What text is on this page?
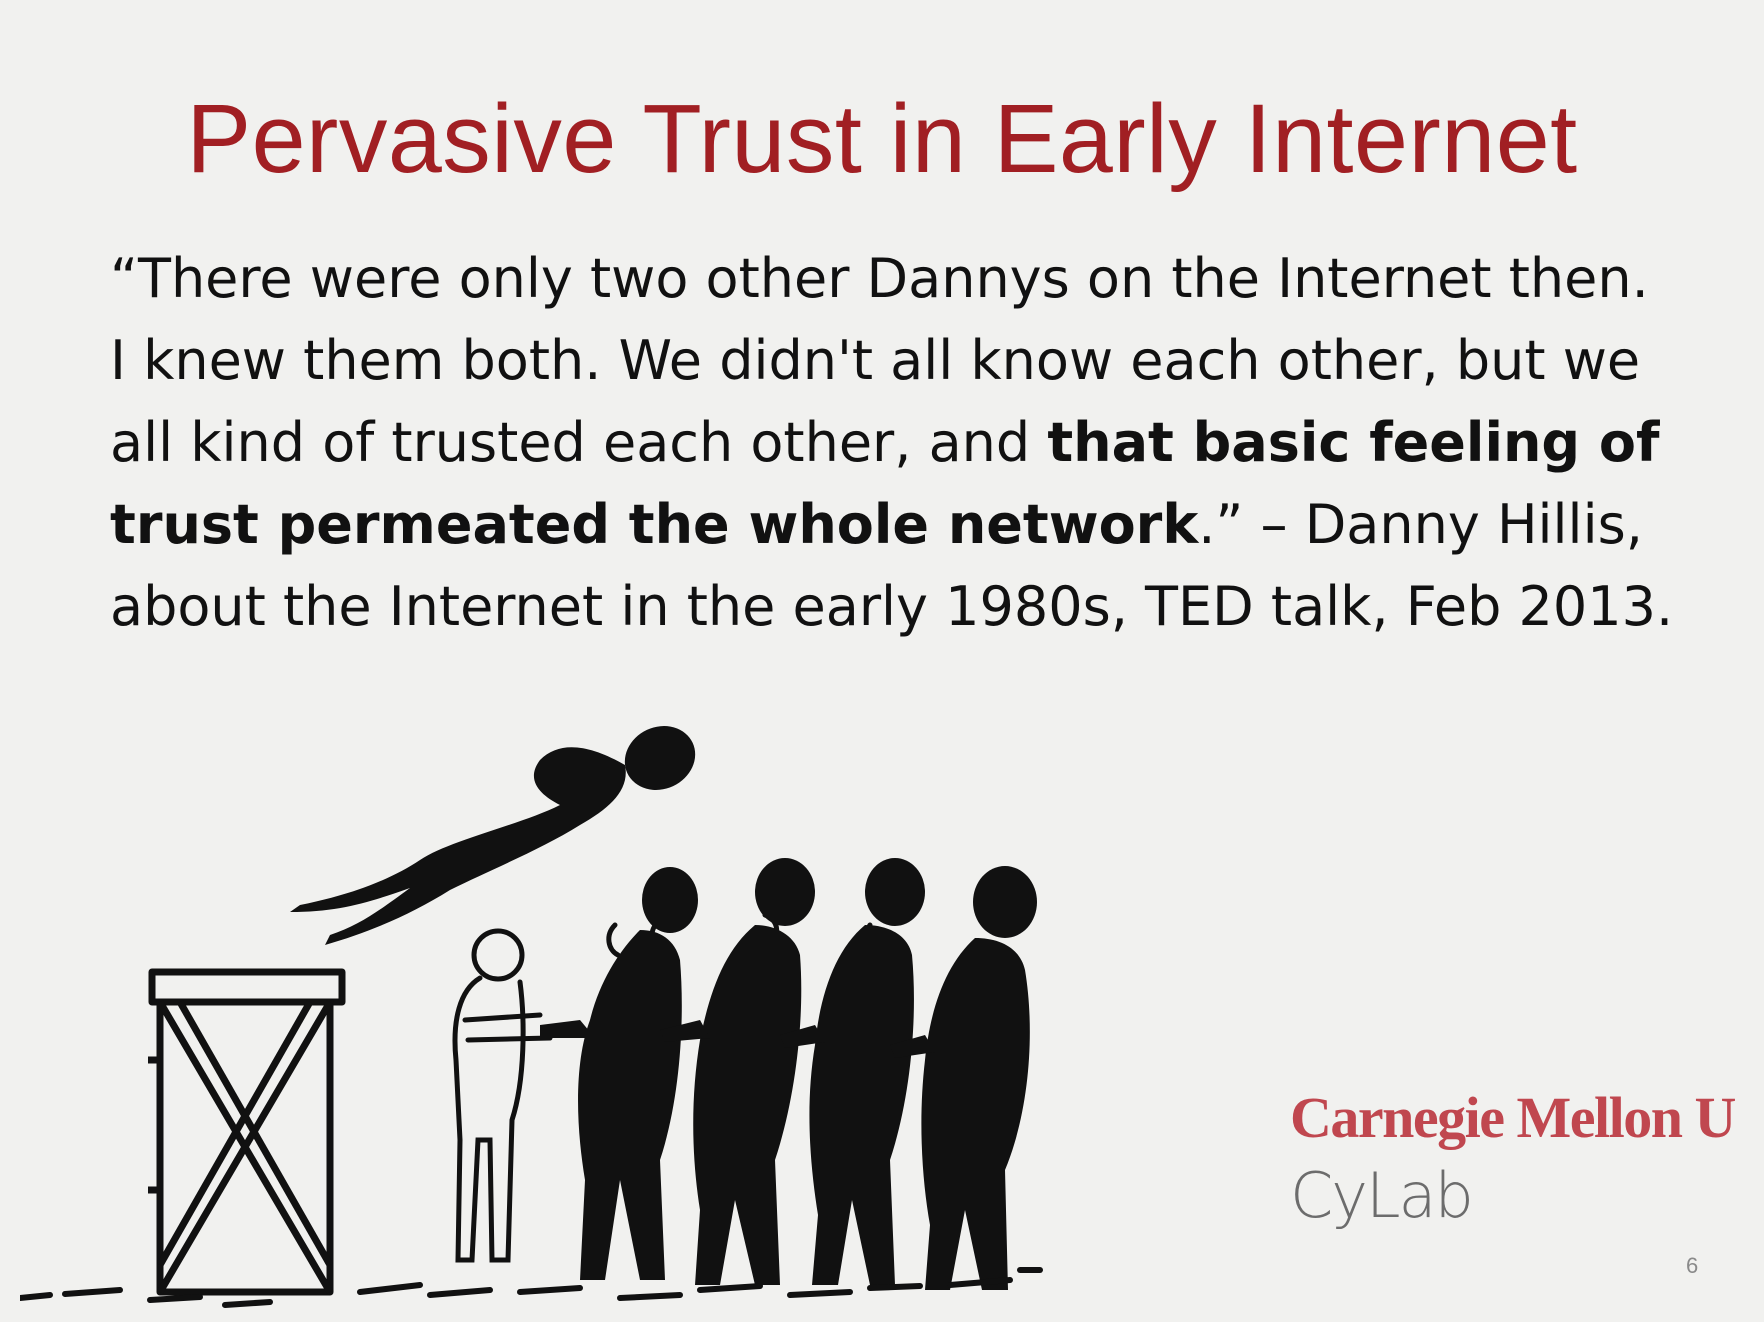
Pervasive Trust in Early Internet
“There were only two other Dannys on the Internet then.
I knew them both. We didn't all know each other, but we
all kind of trusted each other, and that basic feeling of
trust permeated the whole network.” – Danny Hillis,
about the Internet in the early 1980s, TED talk, Feb 2013.
Carnegie Mellon U
CyLab
6
